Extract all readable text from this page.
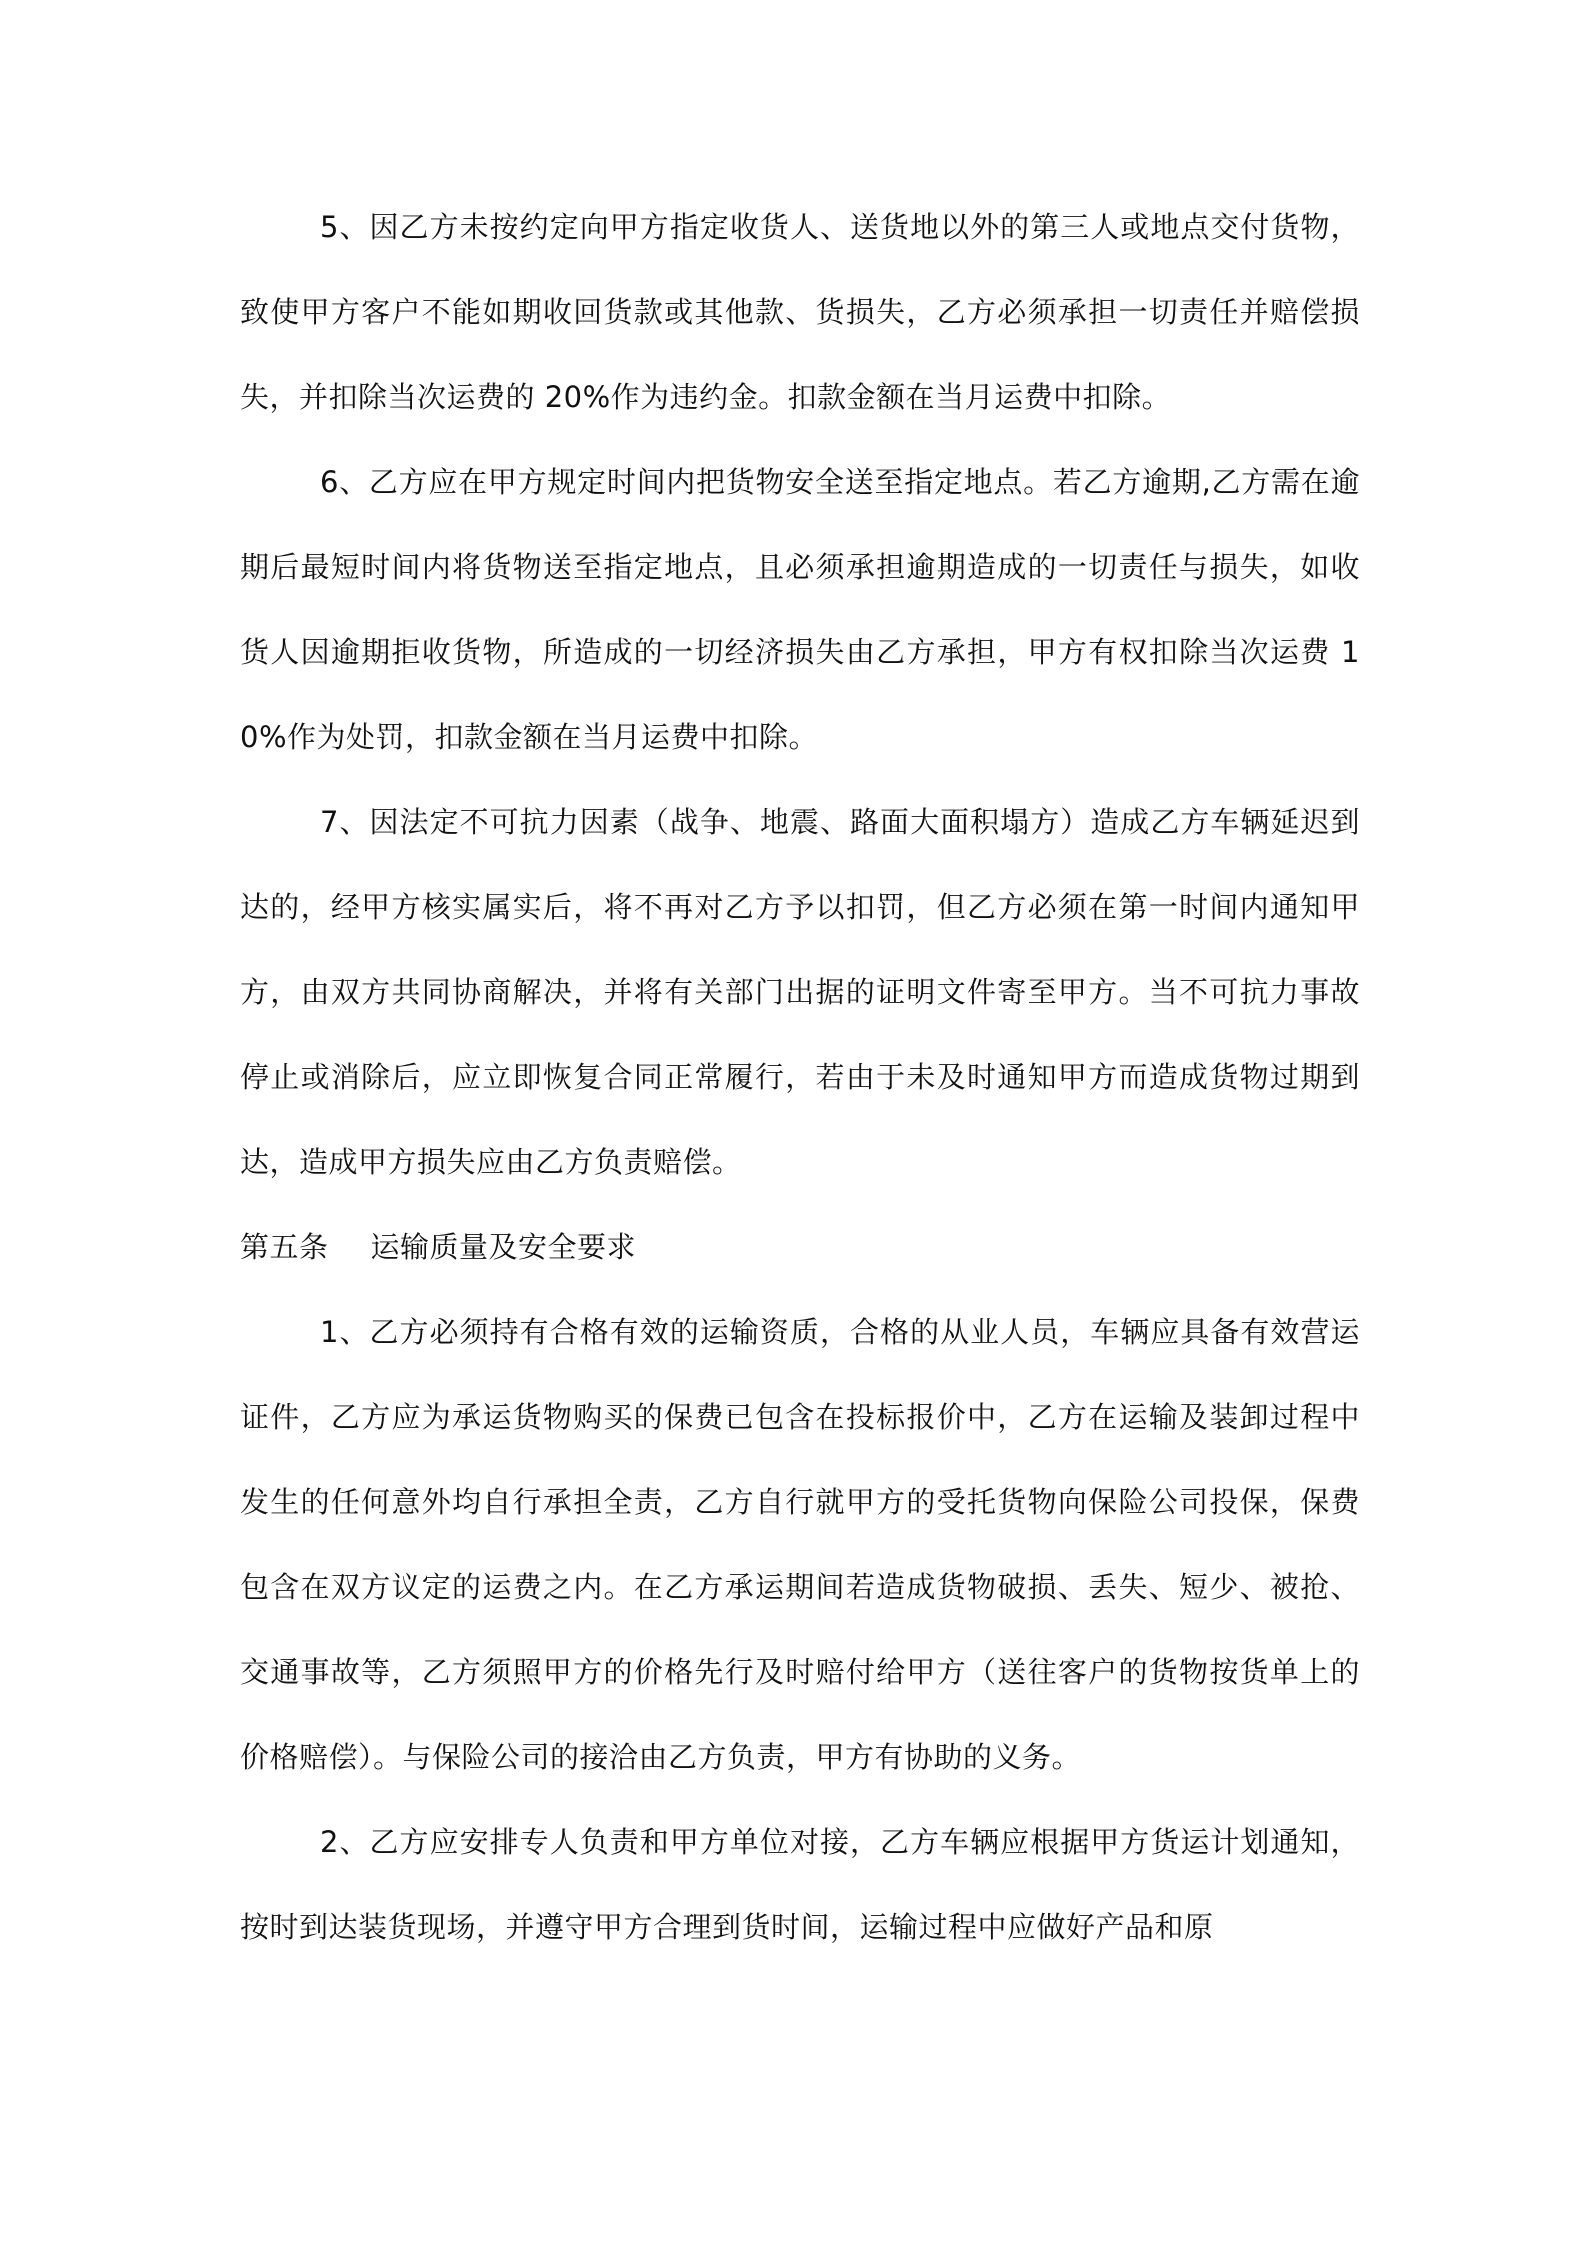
5、因乙方未按约定向甲方指定收货人、送货地以外的第三人或地点交付货物，致使甲方客户不能如期收回货款或其他款、货损失，乙方必须承担一切责任并赔偿损失，并扣除当次运费的 20%作为违约金。扣款金额在当月运费中扣除。

6、乙方应在甲方规定时间内把货物安全送至指定地点。若乙方逾期,乙方需在逾期后最短时间内将货物送至指定地点，且必须承担逾期造成的一切责任与损失，如收货人因逾期拒收货物，所造成的一切经济损失由乙方承担，甲方有权扣除当次运费 10%作为处罚，扣款金额在当月运费中扣除。

7、因法定不可抗力因素（战争、地震、路面大面积塌方）造成乙方车辆延迟到达的，经甲方核实属实后，将不再对乙方予以扣罚，但乙方必须在第一时间内通知甲方，由双方共同协商解决，并将有关部门出据的证明文件寄至甲方。当不可抗力事故停止或消除后，应立即恢复合同正常履行，若由于未及时通知甲方而造成货物过期到达，造成甲方损失应由乙方负责赔偿。

第五条 运输质量及安全要求

1、乙方必须持有合格有效的运输资质，合格的从业人员，车辆应具备有效营运证件，乙方应为承运货物购买的保费已包含在投标报价中，乙方在运输及装卸过程中发生的任何意外均自行承担全责，乙方自行就甲方的受托货物向保险公司投保，保费包含在双方议定的运费之内。在乙方承运期间若造成货物破损、丢失、短少、被抢、交通事故等，乙方须照甲方的价格先行及时赔付给甲方（送往客户的货物按货单上的价格赔偿）。与保险公司的接洽由乙方负责，甲方有协助的义务。

2、乙方应安排专人负责和甲方单位对接，乙方车辆应根据甲方货运计划通知，按时到达装货现场，并遵守甲方合理到货时间，运输过程中应做好产品和原
